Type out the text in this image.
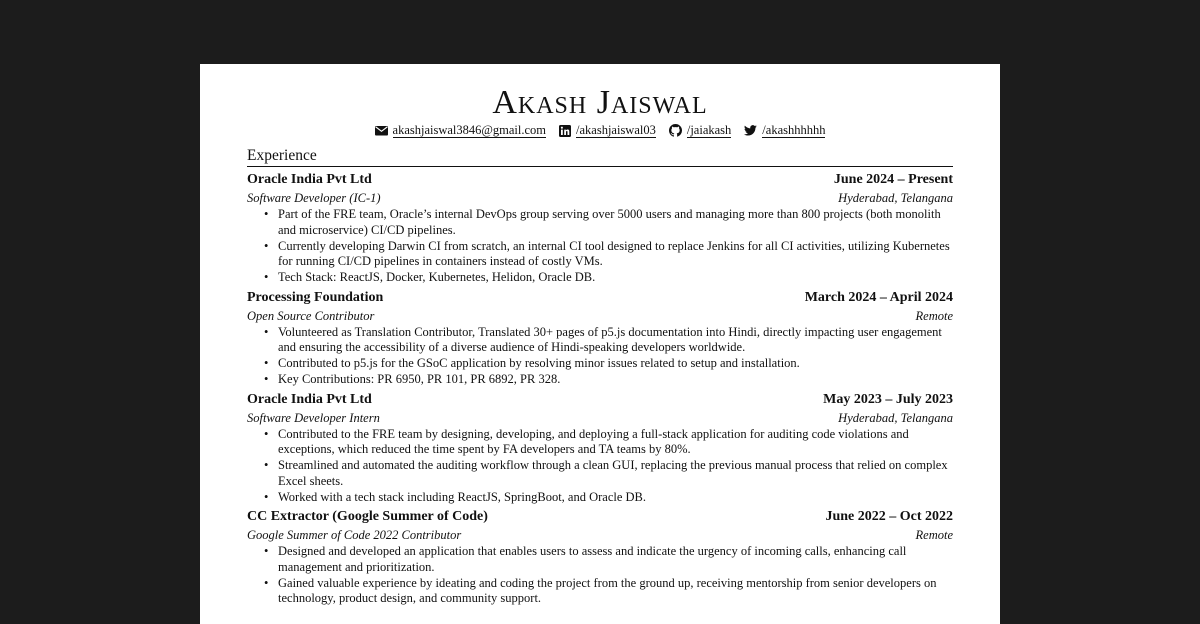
Akash Jaiswal
akashjaiswal3846@gmail.com /akashjaiswal03 /jaiakash /akashhhhhh
Experience
Oracle India Pvt Ltd	June 2024 – Present
Software Developer (IC-1)	Hyderabad, Telangana
• Part of the FRE team, Oracle’s internal DevOps group serving over 5000 users and managing more than 800 projects (both monolith and microservice) CI/CD pipelines.
• Currently developing Darwin CI from scratch, an internal CI tool designed to replace Jenkins for all CI activities, utilizing Kubernetes for running CI/CD pipelines in containers instead of costly VMs.
• Tech Stack: ReactJS, Docker, Kubernetes, Helidon, Oracle DB.
Processing Foundation	March 2024 – April 2024
Open Source Contributor	Remote
• Volunteered as Translation Contributor, Translated 30+ pages of p5.js documentation into Hindi, directly impacting user engagement and ensuring the accessibility of a diverse audience of Hindi-speaking developers worldwide.
• Contributed to p5.js for the GSoC application by resolving minor issues related to setup and installation.
• Key Contributions: PR 6950, PR 101, PR 6892, PR 328.
Oracle India Pvt Ltd	May 2023 – July 2023
Software Developer Intern	Hyderabad, Telangana
• Contributed to the FRE team by designing, developing, and deploying a full-stack application for auditing code violations and exceptions, which reduced the time spent by FA developers and TA teams by 80%.
• Streamlined and automated the auditing workflow through a clean GUI, replacing the previous manual process that relied on complex Excel sheets.
• Worked with a tech stack including ReactJS, SpringBoot, and Oracle DB.
CC Extractor (Google Summer of Code)	June 2022 – Oct 2022
Google Summer of Code 2022 Contributor	Remote
• Designed and developed an application that enables users to assess and indicate the urgency of incoming calls, enhancing call management and prioritization.
• Gained valuable experience by ideating and coding the project from the ground up, receiving mentorship from senior developers on technology, product design, and community support.
